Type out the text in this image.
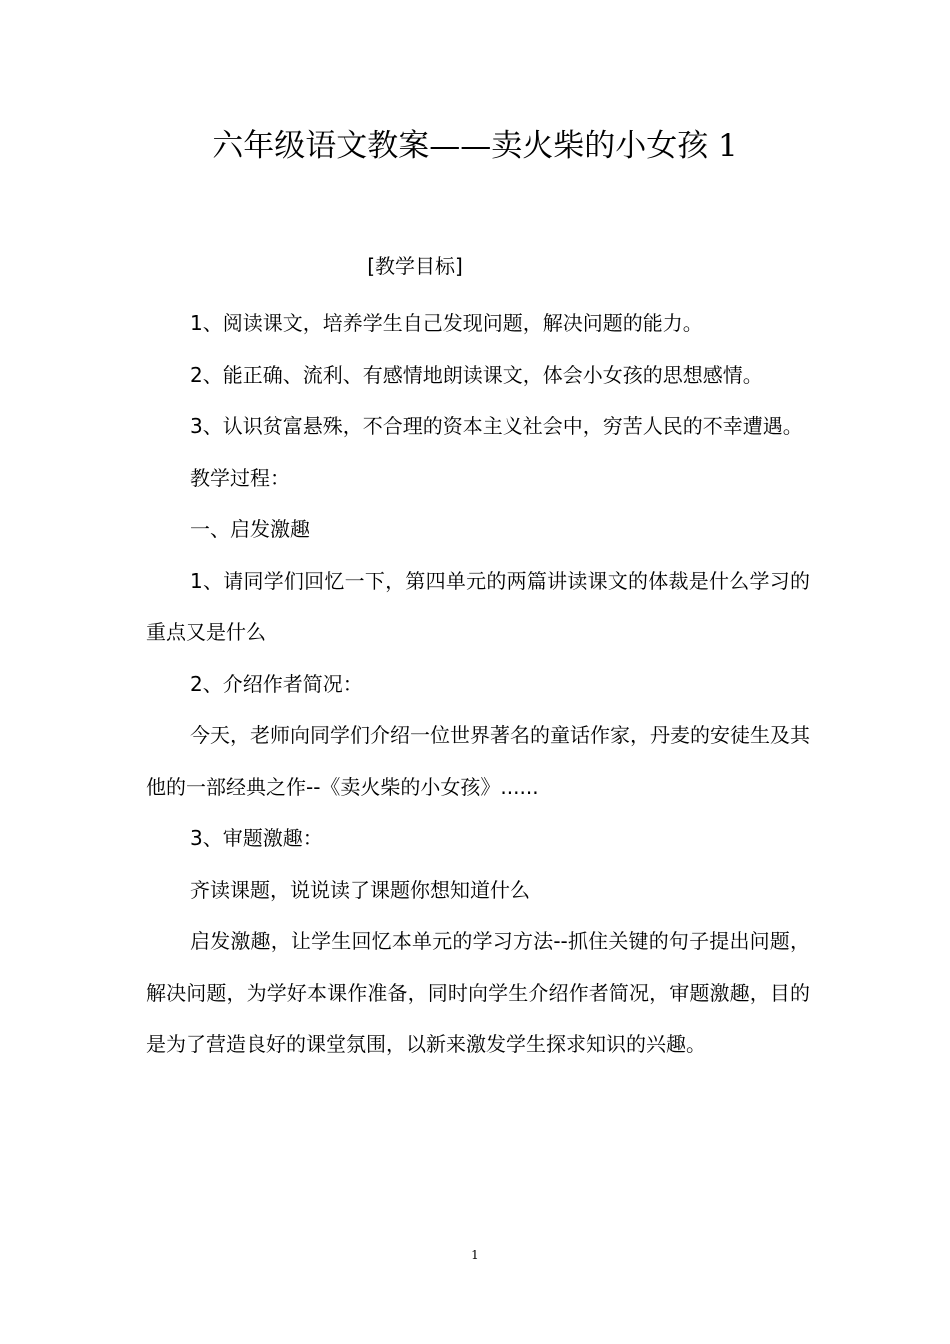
六年级语文教案——卖火柴的小女孩 1
[教学目标]

1、阅读课文，培养学生自己发现问题，解决问题的能力。

2、能正确、流利、有感情地朗读课文，体会小女孩的思想感情。

3、认识贫富悬殊，不合理的资本主义社会中，穷苦人民的不幸遭遇。

教学过程：

一、启发激趣

1、请同学们回忆一下，第四单元的两篇讲读课文的体裁是什么学习的重点又是什么

2、介绍作者简况：

今天，老师向同学们介绍一位世界著名的童话作家，丹麦的安徒生及其他的一部经典之作--《卖火柴的小女孩》......

3、审题激趣：

齐读课题，说说读了课题你想知道什么

启发激趣，让学生回忆本单元的学习方法--抓住关键的句子提出问题，解决问题，为学好本课作准备，同时向学生介绍作者简况，审题激趣，目的是为了营造良好的课堂氛围，以新来激发学生探求知识的兴趣。

1
